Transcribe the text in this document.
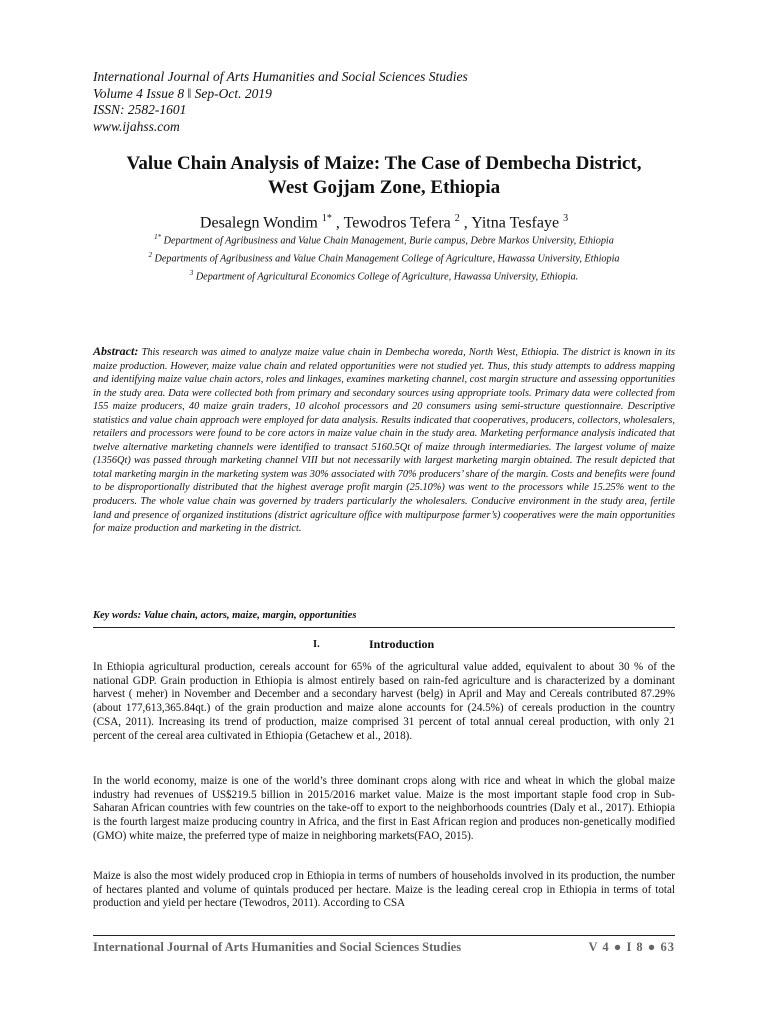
International Journal of Arts Humanities and Social Sciences Studies
Volume 4 Issue 8 ǁ Sep-Oct. 2019
ISSN: 2582-1601
www.ijahss.com
Value Chain Analysis of Maize: The Case of Dembecha District,
West Gojjam Zone, Ethiopia
Desalegn Wondim $^{1*}$ , Tewodros Tefera $^2$ , Yitna Tesfaye $^3$
$^{1*}$ Department of Agribusiness and Value Chain Management, Burie campus, Debre Markos University, Ethiopia
$^2$ Departments of Agribusiness and Value Chain Management College of Agriculture, Hawassa University, Ethiopia
$^3$ Department of Agricultural Economics College of Agriculture, Hawassa University, Ethiopia.
Abstract: This research was aimed to analyze maize value chain in Dembecha woreda, North West, Ethiopia. The district is known in its maize production. However, maize value chain and related opportunities were not studied yet. Thus, this study attempts to address mapping and identifying maize value chain actors, roles and linkages, examines marketing channel, cost margin structure and assessing opportunities in the study area. Data were collected both from primary and secondary sources using appropriate tools. Primary data were collected from 155 maize producers, 40 maize grain traders, 10 alcohol processors and 20 consumers using semi-structure questionnaire. Descriptive statistics and value chain approach were employed for data analysis. Results indicated that cooperatives, producers, collectors, wholesalers, retailers and processors were found to be core actors in maize value chain in the study area. Marketing performance analysis indicated that twelve alternative marketing channels were identified to transact 5160.5Qt of maize through intermediaries. The largest volume of maize (1356Qt) was passed through marketing channel VIII but not necessarily with largest marketing margin obtained. The result depicted that total marketing margin in the marketing system was 30% associated with 70% producers’ share of the margin. Costs and benefits were found to be disproportionally distributed that the highest average profit margin (25.10%) was went to the processors while 15.25% went to the producers. The whole value chain was governed by traders particularly the wholesalers. Conducive environment in the study area, fertile land and presence of organized institutions (district agriculture office with multipurpose farmer’s) cooperatives were the main opportunities for maize production and marketing in the district.
Key words: Value chain, actors, maize, margin, opportunities
I.	Introduction
In Ethiopia agricultural production, cereals account for 65% of the agricultural value added, equivalent to about 30 % of the national GDP. Grain production in Ethiopia is almost entirely based on rain-fed agriculture and is characterized by a dominant harvest ( meher) in November and December and a secondary harvest (belg) in April and May and Cereals contributed 87.29% (about 177,613,365.84qt.) of the grain production and maize alone accounts for (24.5%) of cereals production in the country (CSA, 2011). Increasing its trend of production, maize comprised 31 percent of total annual cereal production, with only 21 percent of the cereal area cultivated in Ethiopia (Getachew et al., 2018).
In the world economy, maize is one of the world’s three dominant crops along with rice and wheat in which the global maize industry had revenues of US$219.5 billion in 2015/2016 market value. Maize is the most important staple food crop in Sub-Saharan African countries with few countries on the take-off to export to the neighborhoods countries (Daly et al., 2017). Ethiopia is the fourth largest maize producing country in Africa, and the first in East African region and produces non-genetically modified (GMO) white maize, the preferred type of maize in neighboring markets(FAO, 2015).
Maize is also the most widely produced crop in Ethiopia in terms of numbers of households involved in its production, the number of hectares planted and volume of quintals produced per hectare. Maize is the leading cereal crop in Ethiopia in terms of total production and yield per hectare (Tewodros, 2011). According to CSA
International Journal of Arts Humanities and Social Sciences Studies	V 4 ● I 8 ● 63
